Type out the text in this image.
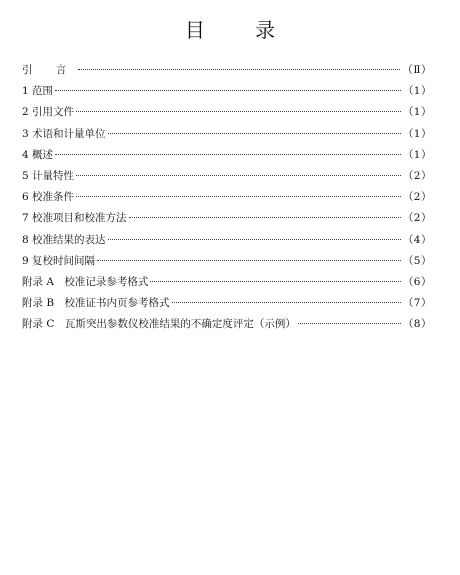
目 录
引 言	（Ⅱ）
1 范围	（1）
2 引用文件	（1）
3 术语和计量单位	（1）
4 概述	（1）
5 计量特性	（2）
6 校准条件	（2）
7 校准项目和校准方法	（2）
8 校准结果的表达	（4）
9 复校时间间隔	（5）
附录 A　校准记录参考格式	（6）
附录 B　校准证书内页参考格式	（7）
附录 C　瓦斯突出参数仪校准结果的不确定度评定（示例）	（8）
